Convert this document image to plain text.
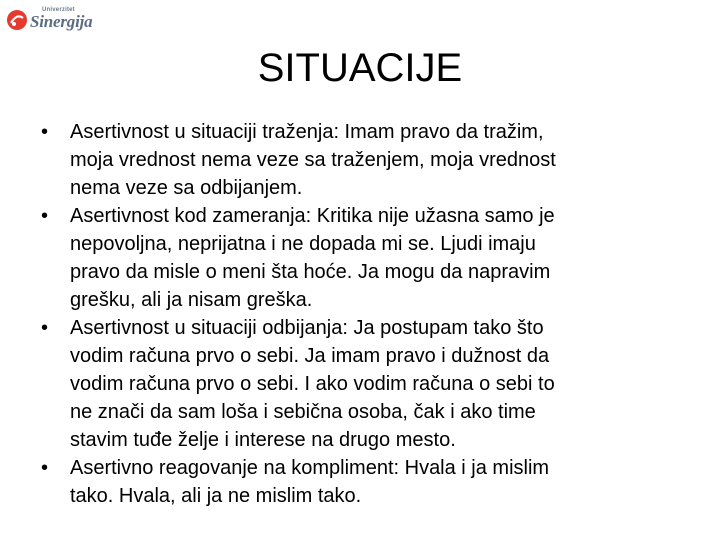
Univerzitet
Sinergija
SITUACIJE
• Asertivnost u situaciji traženja: Imam pravo da tražim,
moja vrednost nema veze sa traženjem, moja vrednost
nema veze sa odbijanjem.
• Asertivnost kod zameranja: Kritika nije užasna samo je
nepovoljna, neprijatna i ne dopada mi se. Ljudi imaju
pravo da misle o meni šta hoće. Ja mogu da napravim
grešku, ali ja nisam greška.
• Asertivnost u situaciji odbijanja: Ja postupam tako što
vodim računa prvo o sebi. Ja imam pravo i dužnost da
vodim računa prvo o sebi. I ako vodim računa o sebi to
ne znači da sam loša i sebična osoba, čak i ako time
stavim tuđe želje i interese na drugo mesto.
• Asertivno reagovanje na kompliment: Hvala i ja mislim
tako. Hvala, ali ja ne mislim tako.
